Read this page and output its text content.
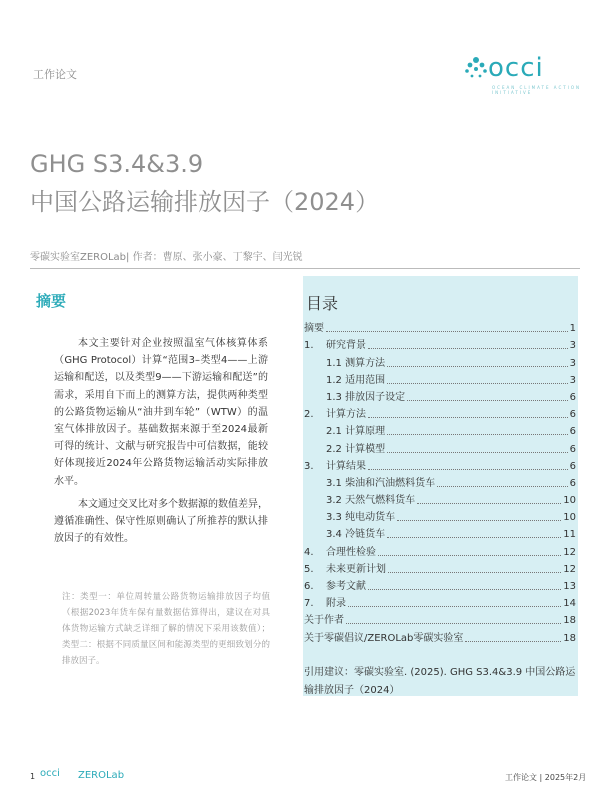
工作论文	occi
OCEAN CLIMATE ACTION INITIATIVE
GHG S3.4&3.9
中国公路运输排放因子（2024）
零碳实验室ZEROLab| 作者：曹原、张小豪、丁黎宇、闫光锐
摘要

本文主要针对企业按照温室气体核算体系（GHG Protocol）计算“范围3–类型4——上游运输和配送，以及类型9——下游运输和配送”的需求，采用自下而上的测算方法，提供两种类型的公路货物运输从“油井到车轮”（WTW）的温室气体排放因子。基础数据来源于至2024最新可得的统计、文献与研究报告中可信数据，能较好体现接近2024年公路货物运输活动实际排放水平。

本文通过交叉比对多个数据源的数值差异，遵循准确性、保守性原则确认了所推荐的默认排放因子的有效性。

注：类型一：单位周转量公路货物运输排放因子均值（根据2023年货车保有量数据估算得出，建议在对具体货物运输方式缺乏详细了解的情况下采用该数值）；类型二：根据不同质量区间和能源类型的更细致划分的排放因子。
目录
摘要	1
1.	研究背景	3
1.1 测算方法	3
1.2 适用范围	3
1.3 排放因子设定	6
2.	计算方法	6
2.1 计算原理	6
2.2 计算模型	6
3.	计算结果	6
3.1 柴油和汽油燃料货车	6
3.2 天然气燃料货车	10
3.3 纯电动货车	10
3.4 冷链货车	11
4.	合理性检验	12
5.	未来更新计划	12
6.	参考文献	13
7.	附录	14
关于作者	18
关于零碳倡议/ZEROLab零碳实验室	18
引用建议：零碳实验室. (2025). GHG S3.4&3.9 中国公路运输排放因子（2024）
1 occi ZEROLab	工作论文 | 2025年2月
